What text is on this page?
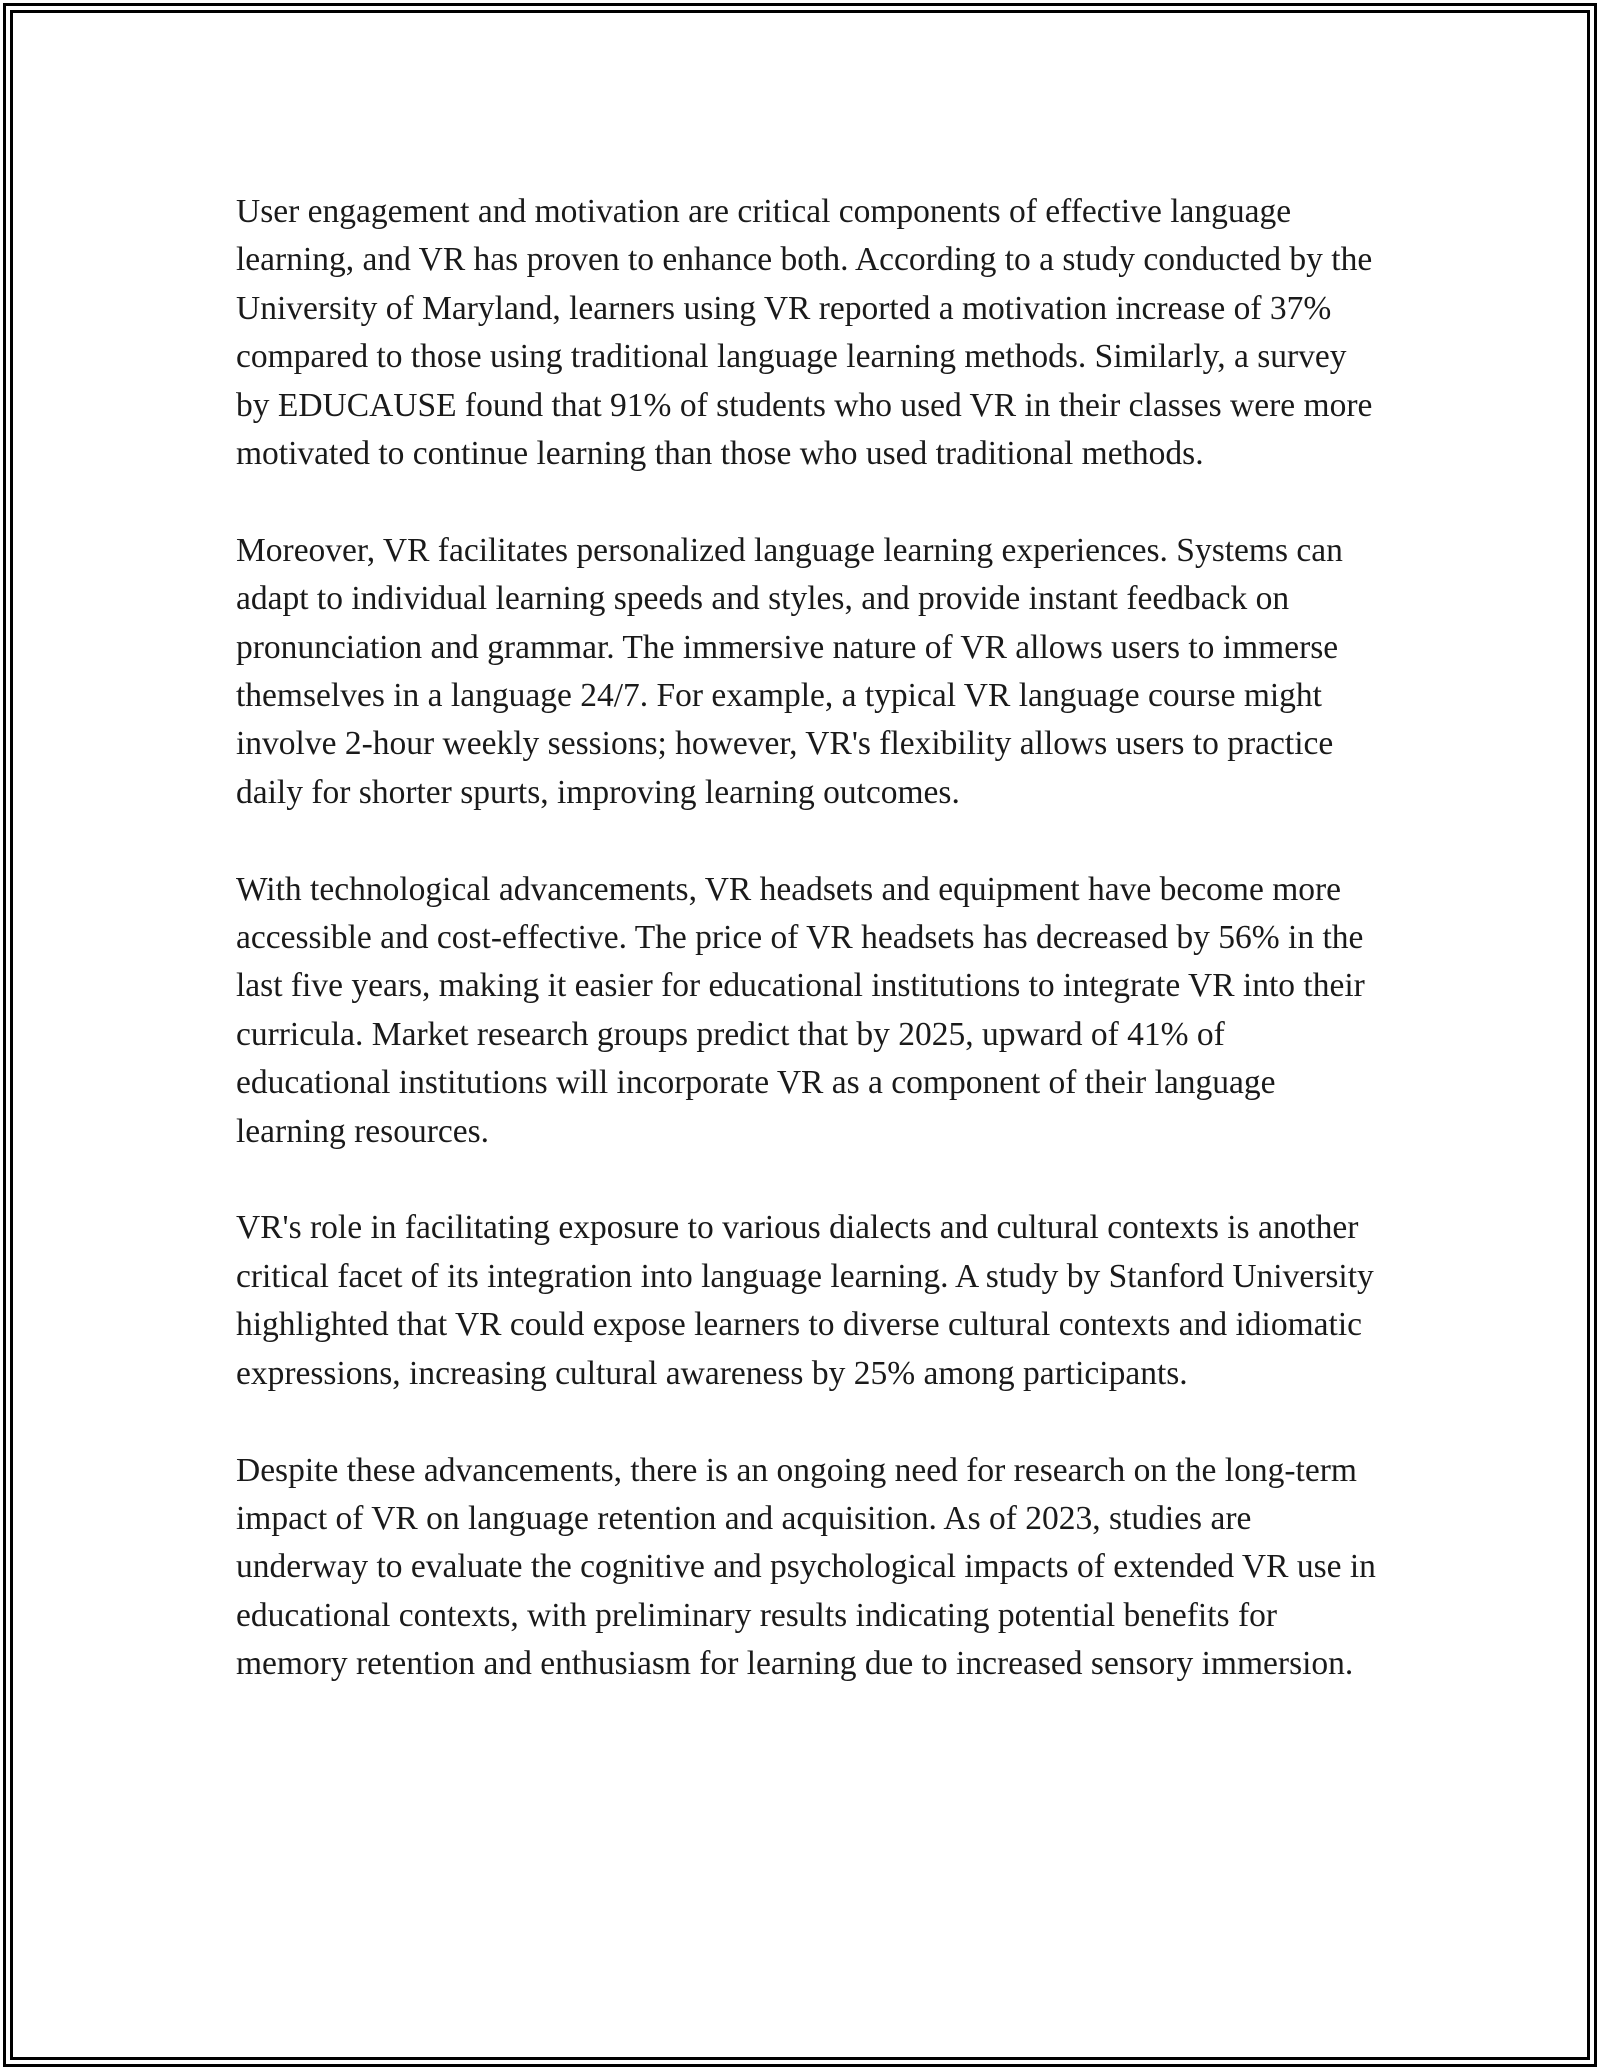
User engagement and motivation are critical components of effective language learning, and VR has proven to enhance both. According to a study conducted by the University of Maryland, learners using VR reported a motivation increase of 37% compared to those using traditional language learning methods. Similarly, a survey by EDUCAUSE found that 91% of students who used VR in their classes were more motivated to continue learning than those who used traditional methods.

Moreover, VR facilitates personalized language learning experiences. Systems can adapt to individual learning speeds and styles, and provide instant feedback on pronunciation and grammar. The immersive nature of VR allows users to immerse themselves in a language 24/7. For example, a typical VR language course might involve 2-hour weekly sessions; however, VR's flexibility allows users to practice daily for shorter spurts, improving learning outcomes.

With technological advancements, VR headsets and equipment have become more accessible and cost-effective. The price of VR headsets has decreased by 56% in the last five years, making it easier for educational institutions to integrate VR into their curricula. Market research groups predict that by 2025, upward of 41% of educational institutions will incorporate VR as a component of their language learning resources.

VR's role in facilitating exposure to various dialects and cultural contexts is another critical facet of its integration into language learning. A study by Stanford University highlighted that VR could expose learners to diverse cultural contexts and idiomatic expressions, increasing cultural awareness by 25% among participants.

Despite these advancements, there is an ongoing need for research on the long-term impact of VR on language retention and acquisition. As of 2023, studies are underway to evaluate the cognitive and psychological impacts of extended VR use in educational contexts, with preliminary results indicating potential benefits for memory retention and enthusiasm for learning due to increased sensory immersion.
